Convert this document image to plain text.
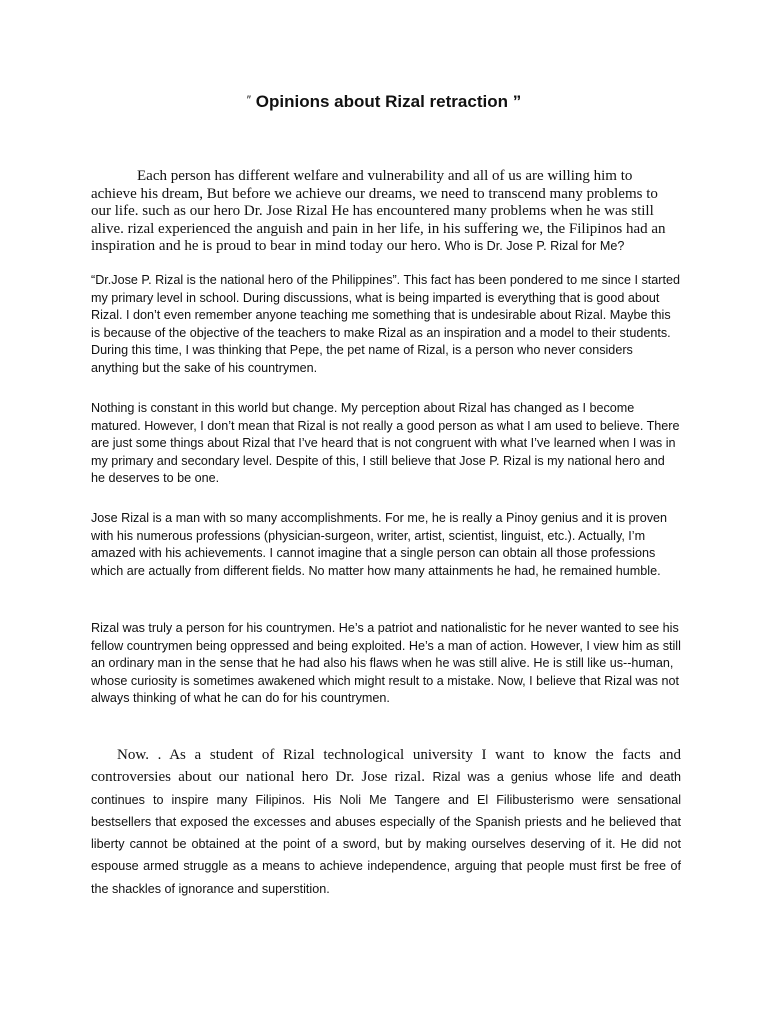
″ Opinions about Rizal retraction ”

Each person has different welfare and vulnerability and all of us are willing him to achieve his dream, But before we achieve our dreams, we need to transcend many problems to our life. such as our hero Dr. Jose Rizal He has encountered many problems when he was still alive. rizal experienced the anguish and pain in her life, in his suffering we, the Filipinos had an inspiration and he is proud to bear in mind today our hero. Who is Dr. Jose P. Rizal for Me?

“Dr.Jose P. Rizal is the national hero of the Philippines”. This fact has been pondered to me since I started my primary level in school. During discussions, what is being imparted is everything that is good about Rizal. I don’t even remember anyone teaching me something that is undesirable about Rizal. Maybe this is because of the objective of the teachers to make Rizal as an inspiration and a model to their students. During this time, I was thinking that Pepe, the pet name of Rizal, is a person who never considers anything but the sake of his countrymen.

Nothing is constant in this world but change. My perception about Rizal has changed as I become matured. However, I don’t mean that Rizal is not really a good person as what I am used to believe. There are just some things about Rizal that I’ve heard that is not congruent with what I’ve learned when I was in my primary and secondary level. Despite of this, I still believe that Jose P. Rizal is my national hero and he deserves to be one.

Jose Rizal is a man with so many accomplishments. For me, he is really a Pinoy genius and it is proven with his numerous professions (physician-surgeon, writer, artist, scientist, linguist, etc.). Actually, I’m amazed with his achievements. I cannot imagine that a single person can obtain all those professions which are actually from different fields. No matter how many attainments he had, he remained humble.

Rizal was truly a person for his countrymen. He’s a patriot and nationalistic for he never wanted to see his fellow countrymen being oppressed and being exploited. He’s a man of action. However, I view him as still an ordinary man in the sense that he had also his flaws when he was still alive. He is still like us--human, whose curiosity is sometimes awakened which might result to a mistake. Now, I believe that Rizal was not always thinking of what he can do for his countrymen.

Now. . As a student of Rizal technological university I want to know the facts and controversies about our national hero Dr. Jose rizal. Rizal was a genius whose life and death continues to inspire many Filipinos. His Noli Me Tangere and El Filibusterismo were sensational bestsellers that exposed the excesses and abuses especially of the Spanish priests and he believed that liberty cannot be obtained at the point of a sword, but by making ourselves deserving of it. He did not espouse armed struggle as a means to achieve independence, arguing that people must first be free of the shackles of ignorance and superstition.
